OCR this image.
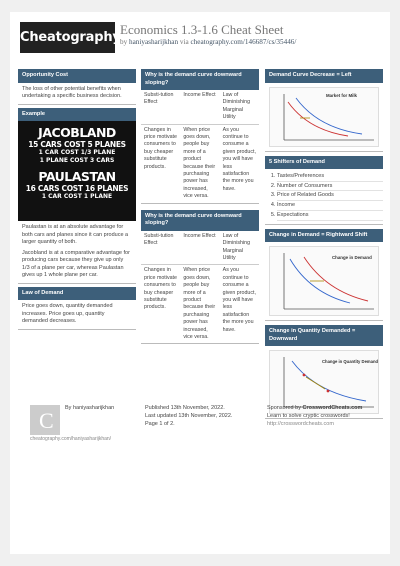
Cheatography
Economics 1.3-1.6 Cheat Sheet
by haniyasharijkhan via cheatography.com/146687/cs/35446/
Opportunity Cost
The loss of other potential benefits when undertaking a specific business decision.
Example
JACOBLAND
15 CARS COST 5 PLANES
1 CAR COST 1/3 PLANE
1 PLANE COST 3 CARS
PAULASTAN
16 CARS COST 16 PLANES
1 CAR COST 1 PLANE
Paulastan is at an absolute advantage for both cars and planes since it can produce a larger quantity of both.
Jacobland is at a comparative advantage for producing cars because they give up only 1/3 of a plane per car, whereas Paulastan gives up 1 whole plane per car.
Law of Demand
Price goes down, quantity demanded increases. Price goes up, quantity demanded decreases.
Why is the demand curve downward sloping?
Substi-tution Effect	Income Effect	Law of Diminishing Marginal Utility
Changes in price motivate consumers to buy cheaper substitute products.	When price goes down, people buy more of a product because their purchasing power has increased, vice versa.	As you continue to consume a given product, you will have less satisfaction the more you have.
Why is the demand curve downward sloping?
Substi-tution Effect	Income Effect	Law of Diminishing Marginal Utility
Changes in price motivate consumers to buy cheaper substitute products.	When price goes down, people buy more of a product because their purchasing power has increased, vice versa.	As you continue to consume a given product, you will have less satisfaction the more you have.
Demand Curve Decrease = Left
Market for Milk
5 Shifters of Demand
1. Tastes/Preferences
2. Number of Consumers
3. Price of Related Goods
4. Income
5. Expectations
Change in Demand = Rightward Shift
Change in Demand
Change in Quantity Demanded = Downward
Change in Quantity Demanded
C By haniyasharijkhan
cheatography.com/haniyasharijkhan/
Published 13th November, 2022.
Last updated 13th November, 2022.
Page 1 of 2.
Sponsored by CrosswordCheats.com
Learn to solve cryptic crosswords!
http://crosswordcheats.com
